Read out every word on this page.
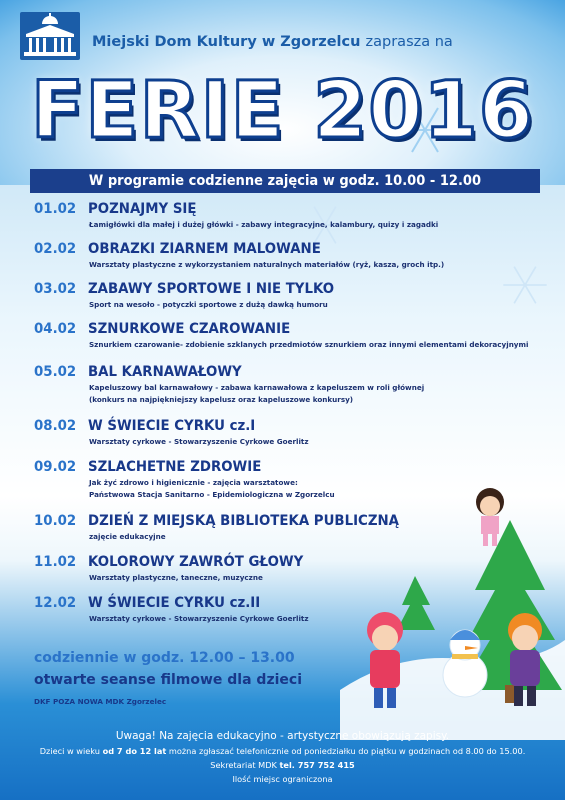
Miejski Dom Kultury w Zgorzelcu zaprasza na
FERIE 2016
W programie codzienne zajęcia w godz. 10.00 - 12.00
01.02 POZNAJMY SIĘ
Łamigłówki dla małej i dużej główki - zabawy integracyjne, kalambury, quizy i zagadki
02.02 OBRAZKI ZIARNEM MALOWANE
Warsztaty plastyczne z wykorzystaniem naturalnych materiałów (ryż, kasza, groch itp.)
03.02 ZABAWY SPORTOWE I NIE TYLKO
Sport na wesoło - potyczki sportowe z dużą dawką humoru
04.02 SZNURKOWE CZAROWANIE
Sznurkiem czarowanie- zdobienie szklanych przedmiotów sznurkiem oraz innymi elementami dekoracyjnymi
05.02 BAL KARNAWAŁOWY
Kapeluszowy bal karnawałowy - zabawa karnawałowa z kapeluszem w roli głównej
(konkurs na najpiękniejszy kapelusz oraz kapeluszowe konkursy)
08.02 W ŚWIECIE CYRKU cz.I
Warsztaty cyrkowe - Stowarzyszenie Cyrkowe Goerlitz
09.02 SZLACHETNE ZDROWIE
Jak żyć zdrowo i higienicznie - zajęcia warsztatowe:
Państwowa Stacja Sanitarno - Epidemiologiczna w Zgorzelcu
10.02 DZIEŃ Z MIEJSKĄ BIBLIOTEKA PUBLICZNĄ
zajęcie edukacyjne
11.02 KOLOROWY ZAWRÓT GŁOWY
Warsztaty plastyczne, taneczne, muzyczne
12.02 W ŚWIECIE CYRKU cz.II
Warsztaty cyrkowe - Stowarzyszenie Cyrkowe Goerlitz
codziennie w godz. 12.00 – 13.00
otwarte seanse filmowe dla dzieci
DKF POZA NOWA MDK Zgorzelec
Uwaga! Na zajęcia edukacyjno - artystyczne obowiązują zapisy.
Dzieci w wieku od 7 do 12 lat można zgłaszać telefonicznie od poniedziałku do piątku w godzinach od 8.00 do 15.00.
Sekretariat MDK tel. 757 752 415
Ilość miejsc ograniczona
